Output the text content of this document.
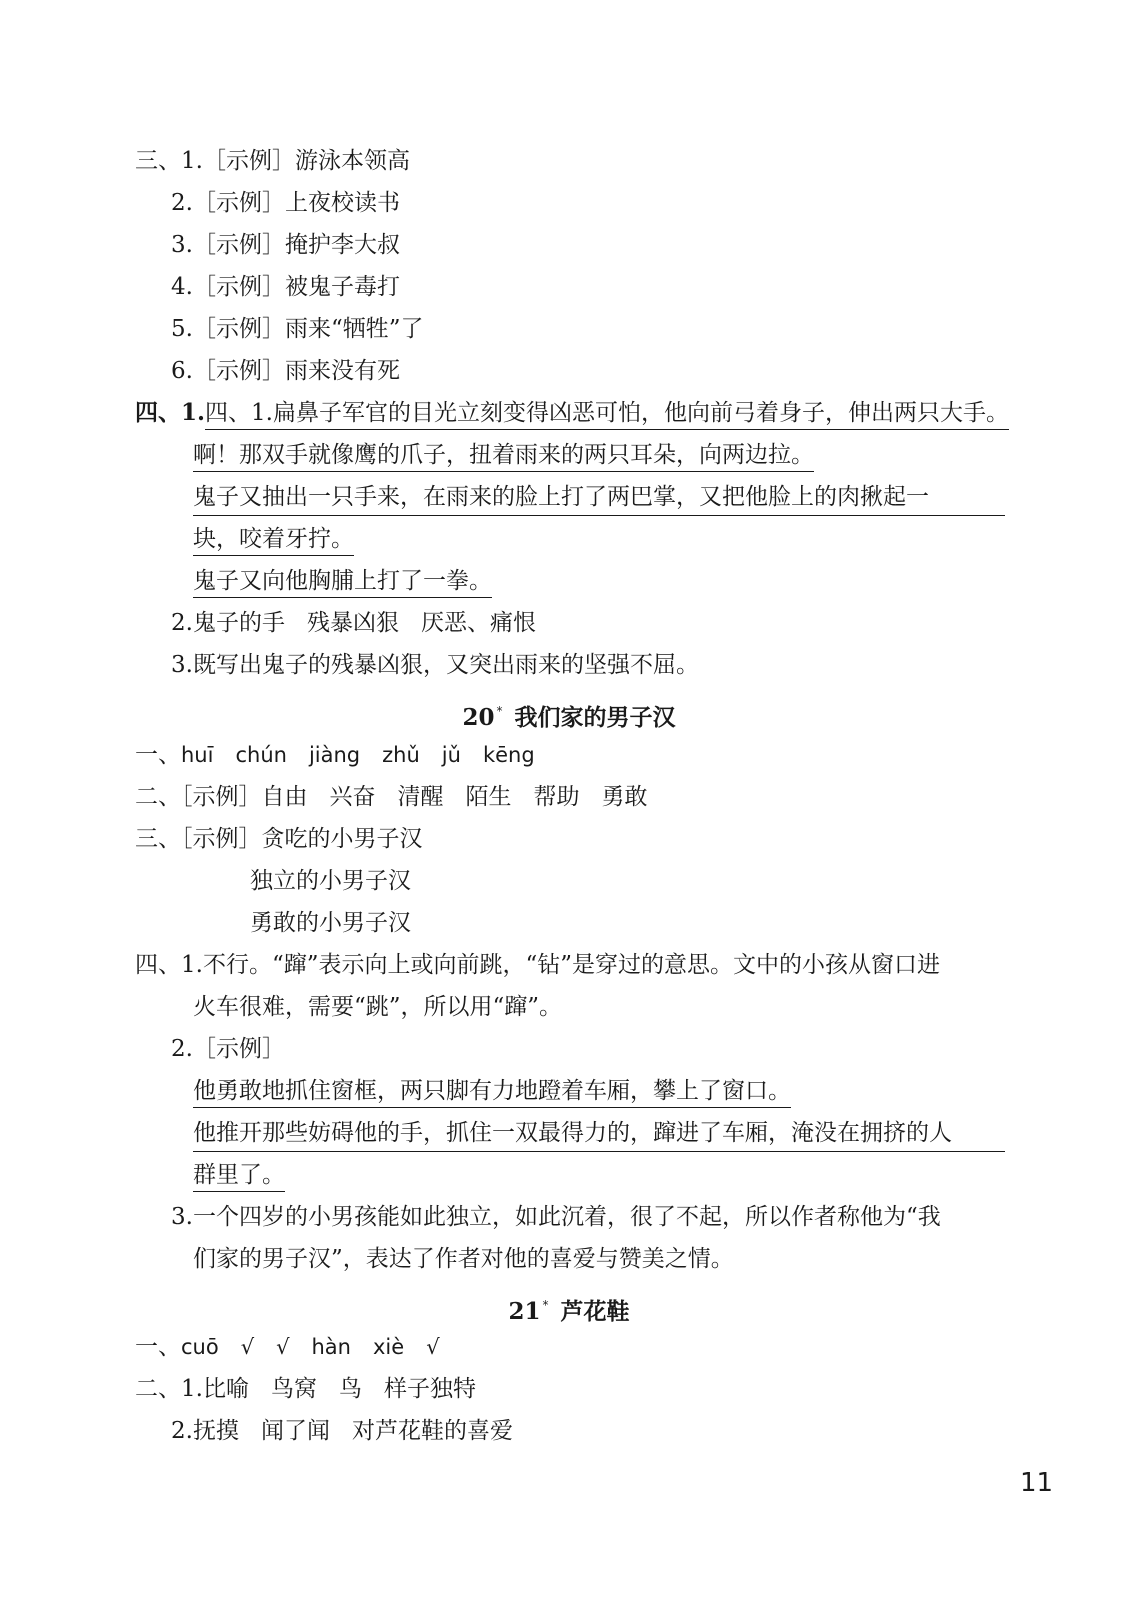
三、1.［示例］游泳本领高
2.［示例］上夜校读书
3.［示例］掩护李大叔
4.［示例］被鬼子毒打
5.［示例］雨来“牺牲”了
6.［示例］雨来没有死
四、1.四、1.扁鼻子军官的目光立刻变得凶恶可怕，他向前弓着身子，伸出两只大手。
啊！那双手就像鹰的爪子，扭着雨来的两只耳朵，向两边拉。
鬼子又抽出一只手来，在雨来的脸上打了两巴掌，又把他脸上的肉揪起一
块，咬着牙拧。
鬼子又向他胸脯上打了一拳。
2.鬼子的手 残暴凶狠 厌恶、痛恨
3.既写出鬼子的残暴凶狠，又突出雨来的坚强不屈。
20 * 我们家的男子汉
一、huī chún jiàng zhǔ jǔ kēng
二、［示例］自由 兴奋 清醒 陌生 帮助 勇敢
三、［示例］贪吃的小男子汉
独立的小男子汉
勇敢的小男子汉
四、1.不行。“蹿”表示向上或向前跳，“钻”是穿过的意思。文中的小孩从窗口进
火车很难，需要“跳”，所以用“蹿”。
2.［示例］
他勇敢地抓住窗框，两只脚有力地蹬着车厢，攀上了窗口。
他推开那些妨碍他的手，抓住一双最得力的，蹿进了车厢，淹没在拥挤的人
群里了。
3.一个四岁的小男孩能如此独立，如此沉着，很了不起，所以作者称他为“我
们家的男子汉”，表达了作者对他的喜爱与赞美之情。
21 * 芦花鞋
一、cuō √ √ hàn xiè √
二、1.比喻 鸟窝 鸟 样子独特
2.抚摸 闻了闻 对芦花鞋的喜爱
11
